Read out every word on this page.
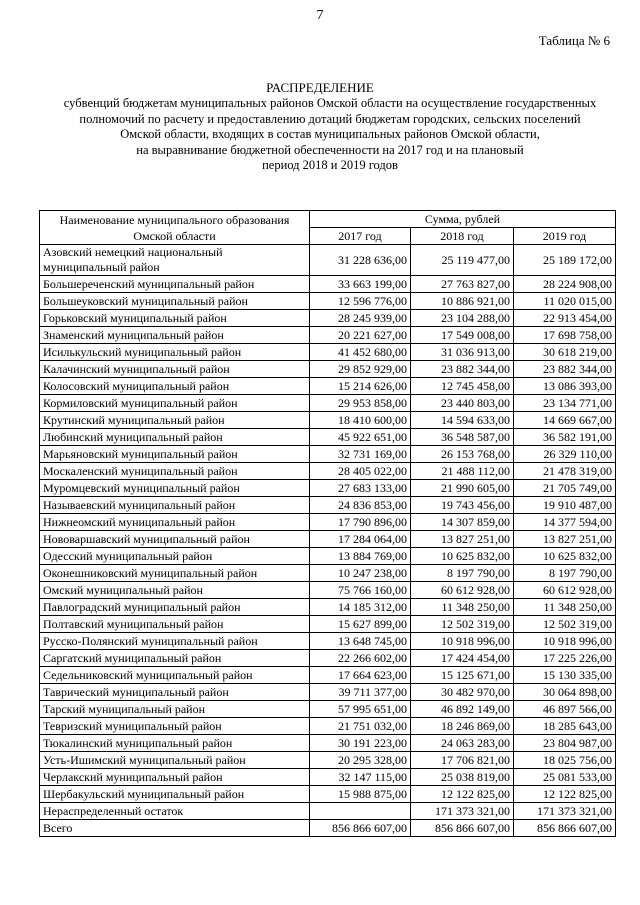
7
Таблица № 6
РАСПРЕДЕЛЕНИЕ
субвенций бюджетам муниципальных районов Омской области на осуществление государственных
полномочий по расчету и предоставлению дотаций бюджетам городских, сельских поселений
Омской области, входящих в состав муниципальных районов Омской области,
на выравнивание бюджетной обеспеченности на 2017 год и на плановый
период 2018 и 2019 годов
Наименование муниципального образования Омской области	Сумма, рублей		
	2017 год	2018 год	2019 год
Азовский немецкий национальный муниципальный район	31 228 636,00	25 119 477,00	25 189 172,00
Большереченский муниципальный район	33 663 199,00	27 763 827,00	28 224 908,00
Большеуковский муниципальный район	12 596 776,00	10 886 921,00	11 020 015,00
Горьковский муниципальный район	28 245 939,00	23 104 288,00	22 913 454,00
Знаменский муниципальный район	20 221 627,00	17 549 008,00	17 698 758,00
Исилькульский муниципальный район	41 452 680,00	31 036 913,00	30 618 219,00
Калачинский муниципальный район	29 852 929,00	23 882 344,00	23 882 344,00
Колосовский муниципальный район	15 214 626,00	12 745 458,00	13 086 393,00
Кормиловский муниципальный район	29 953 858,00	23 440 803,00	23 134 771,00
Крутинский муниципальный район	18 410 600,00	14 594 633,00	14 669 667,00
Любинский муниципальный район	45 922 651,00	36 548 587,00	36 582 191,00
Марьяновский муниципальный район	32 731 169,00	26 153 768,00	26 329 110,00
Москаленский муниципальный район	28 405 022,00	21 488 112,00	21 478 319,00
Муромцевский муниципальный район	27 683 133,00	21 990 605,00	21 705 749,00
Называевский муниципальный район	24 836 853,00	19 743 456,00	19 910 487,00
Нижнеомский муниципальный район	17 790 896,00	14 307 859,00	14 377 594,00
Нововаршавский муниципальный район	17 284 064,00	13 827 251,00	13 827 251,00
Одесский муниципальный район	13 884 769,00	10 625 832,00	10 625 832,00
Оконешниковский муниципальный район	10 247 238,00	8 197 790,00	8 197 790,00
Омский муниципальный район	75 766 160,00	60 612 928,00	60 612 928,00
Павлоградский муниципальный район	14 185 312,00	11 348 250,00	11 348 250,00
Полтавский муниципальный район	15 627 899,00	12 502 319,00	12 502 319,00
Русско-Полянский муниципальный район	13 648 745,00	10 918 996,00	10 918 996,00
Саргатский муниципальный район	22 266 602,00	17 424 454,00	17 225 226,00
Седельниковский муниципальный район	17 664 623,00	15 125 671,00	15 130 335,00
Таврический муниципальный район	39 711 377,00	30 482 970,00	30 064 898,00
Тарский муниципальный район	57 995 651,00	46 892 149,00	46 897 566,00
Тевризский муниципальный район	21 751 032,00	18 246 869,00	18 285 643,00
Тюкалинский муниципальный район	30 191 223,00	24 063 283,00	23 804 987,00
Усть-Ишимский муниципальный район	20 295 328,00	17 706 821,00	18 025 756,00
Черлакский муниципальный район	32 147 115,00	25 038 819,00	25 081 533,00
Шербакульский муниципальный район	15 988 875,00	12 122 825,00	12 122 825,00
Нераспределенный остаток		171 373 321,00	171 373 321,00
Всего	856 866 607,00	856 866 607,00	856 866 607,00
